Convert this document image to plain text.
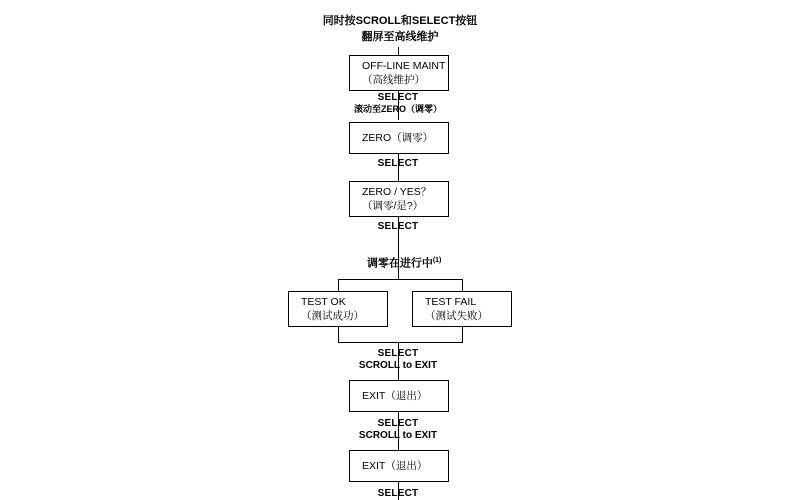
同时按SCROLL和SELECT按钮
翻屏至高线维护
OFF-LINE MAINT
（高线维护）
SELECT
滚动至ZERO（调零）
ZERO（调零）
SELECT
ZERO / YES？
（调零/是?）
SELECT

调零在进行中$^{(1)}$

TEST OK
（测试成功）
TEST FAIL
（测试失败）
SELECT
SCROLL to EXIT
EXIT（退出）
SELECT
SCROLL to EXIT
EXIT（退出）
SELECT
